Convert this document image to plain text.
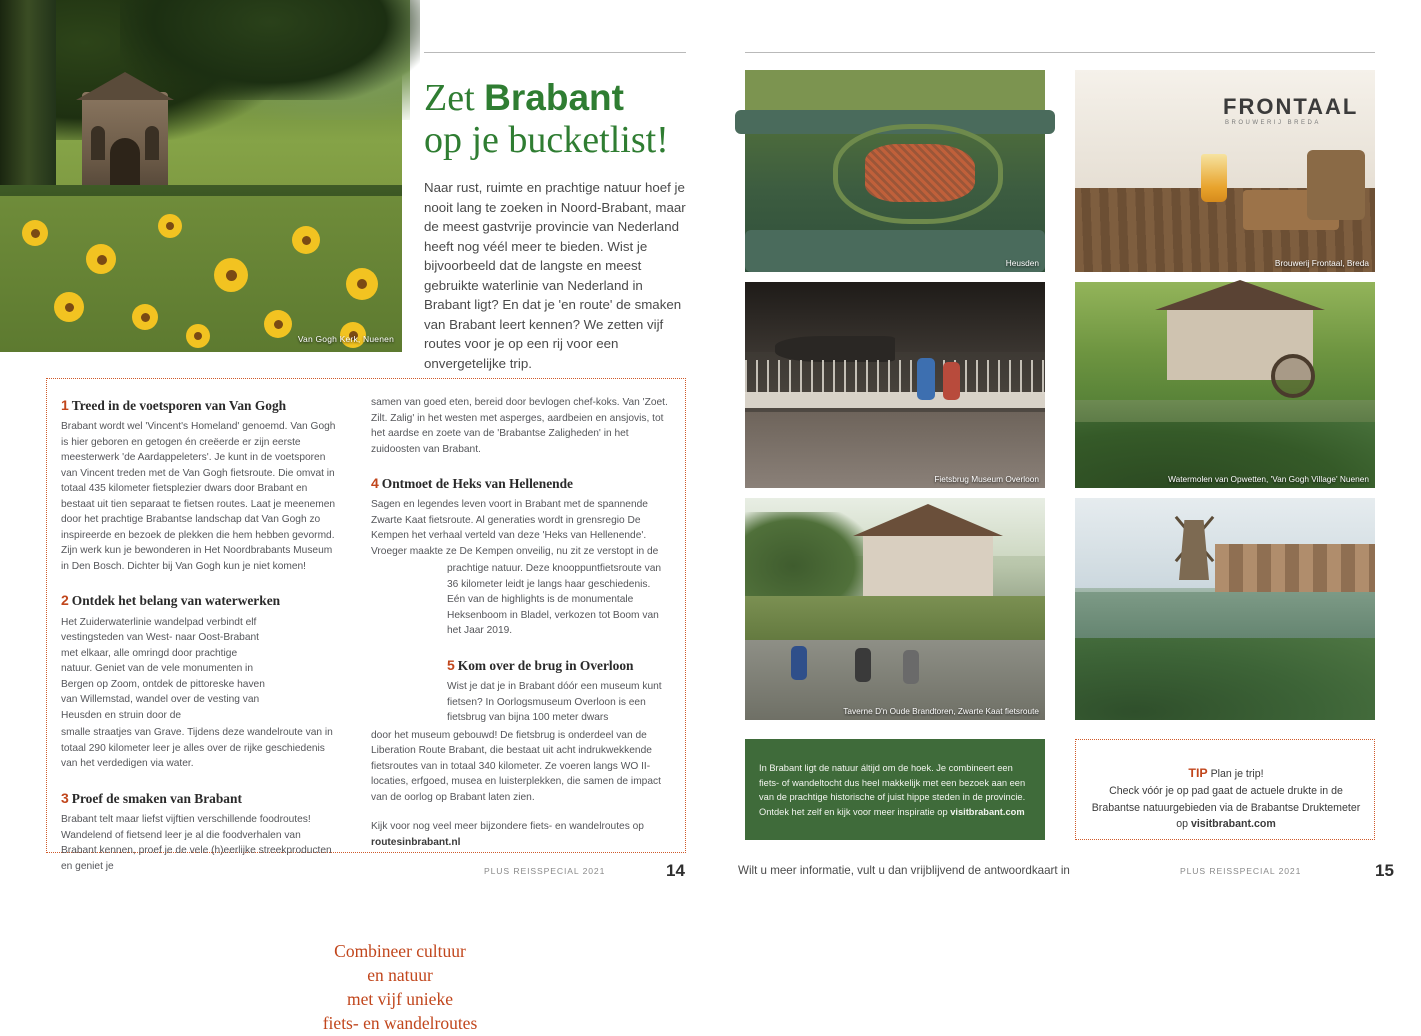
Van Gogh Kerk, Nuenen
Zet Brabant
op je bucketlist!
Naar rust, ruimte en prachtige natuur hoef je nooit lang te zoeken in Noord-Brabant, maar de meest gastvrije provincie van Nederland heeft nog véél meer te bieden. Wist je bijvoorbeeld dat de langste en meest gebruikte waterlinie van Nederland in Brabant ligt? En dat je 'en route' de smaken van Brabant leert kennen? We zetten vijf routes voor je op een rij voor een onvergetelijke trip.
1 Treed in de voetsporen van Van Gogh
Brabant wordt wel 'Vincent's Homeland' genoemd. Van Gogh is hier geboren en getogen én creëerde er zijn eerste meesterwerk 'de Aardappeleters'. Je kunt in de voetsporen van Vincent treden met de Van Gogh fietsroute. Die omvat in totaal 435 kilometer fietsplezier dwars door Brabant en bestaat uit tien separaat te fietsen routes. Laat je meenemen door het prachtige Brabantse landschap dat Van Gogh zo inspireerde en bezoek de plekken die hem hebben gevormd. Zijn werk kun je bewonderen in Het Noordbrabants Museum in Den Bosch. Dichter bij Van Gogh kun je niet komen!
2 Ontdek het belang van waterwerken
Het Zuiderwaterlinie wandelpad verbindt elf vestingsteden van West- naar Oost-Brabant met elkaar, alle omringd door prachtige natuur. Geniet van de vele monumenten in Bergen op Zoom, ontdek de pittoreske haven van Willemstad, wandel over de vesting van Heusden en struin door de
smalle straatjes van Grave. Tijdens deze wandelroute van in totaal 290 kilometer leer je alles over de rijke geschiedenis van het verdedigen via water.
3 Proef de smaken van Brabant
Brabant telt maar liefst vijftien verschillende foodroutes! Wandelend of fietsend leer je al die foodverhalen van Brabant kennen, proef je de vele (h)eerlijke streekproducten en geniet je
samen van goed eten, bereid door bevlogen chef-koks. Van 'Zoet. Zilt. Zalig' in het westen met asperges, aardbeien en ansjovis, tot het aardse en zoete van de 'Brabantse Zaligheden' in het zuidoosten van Brabant.
4 Ontmoet de Heks van Hellenende
Sagen en legendes leven voort in Brabant met de spannende Zwarte Kaat fietsroute. Al generaties wordt in grensregio De Kempen het verhaal verteld van deze 'Heks van Hellenende'. Vroeger maakte ze De Kempen onveilig, nu zit ze verstopt in de
prachtige natuur. Deze knooppuntfietsroute van 36 kilometer leidt je langs haar geschiedenis. Eén van de highlights is de monumentale Heksenboom in Bladel, verkozen tot Boom van het Jaar 2019.
5 Kom over de brug in Overloon
Wist je dat je in Brabant dóór een museum kunt fietsen? In Oorlogsmuseum Overloon is een fietsbrug van bijna 100 meter dwars
door het museum gebouwd! De fietsbrug is onderdeel van de Liberation Route Brabant, die bestaat uit acht indrukwekkende fietsroutes van in totaal 340 kilometer. Ze voeren langs WO II-locaties, erfgoed, musea en luisterplekken, die samen de impact van de oorlog op Brabant laten zien.
Kijk voor nog veel meer bijzondere fiets- en wandelroutes op
routesinbrabant.nl
Combineer cultuur
en natuur
met vijf unieke
fiets- en wandelroutes
PLUS REISSPECIAL 2021	14
Heusden
FRONTAAL
BROUWERIJ BREDA
Brouwerij Frontaal, Breda
Fietsbrug Museum Overloon	Watermolen van Opwetten, 'Van Gogh Village' Nuenen
Taverne D'n Oude Brandtoren, Zwarte Kaat fietsroute

In Brabant ligt de natuur áltijd om de hoek. Je combineert een fiets- of wandeltocht dus heel makkelijk met een bezoek aan een van de prachtige historische of juist hippe steden in de provincie. Ontdek het zelf en kijk voor meer inspiratie op visitbrabant.com

TIP Plan je trip!
Check vóór je op pad gaat de actuele drukte in de Brabantse natuurgebieden via de Brabantse Druktemeter op visitbrabant.com

Wilt u meer informatie, vult u dan vrijblijvend de antwoordkaart in	PLUS REISSPECIAL 2021	15
